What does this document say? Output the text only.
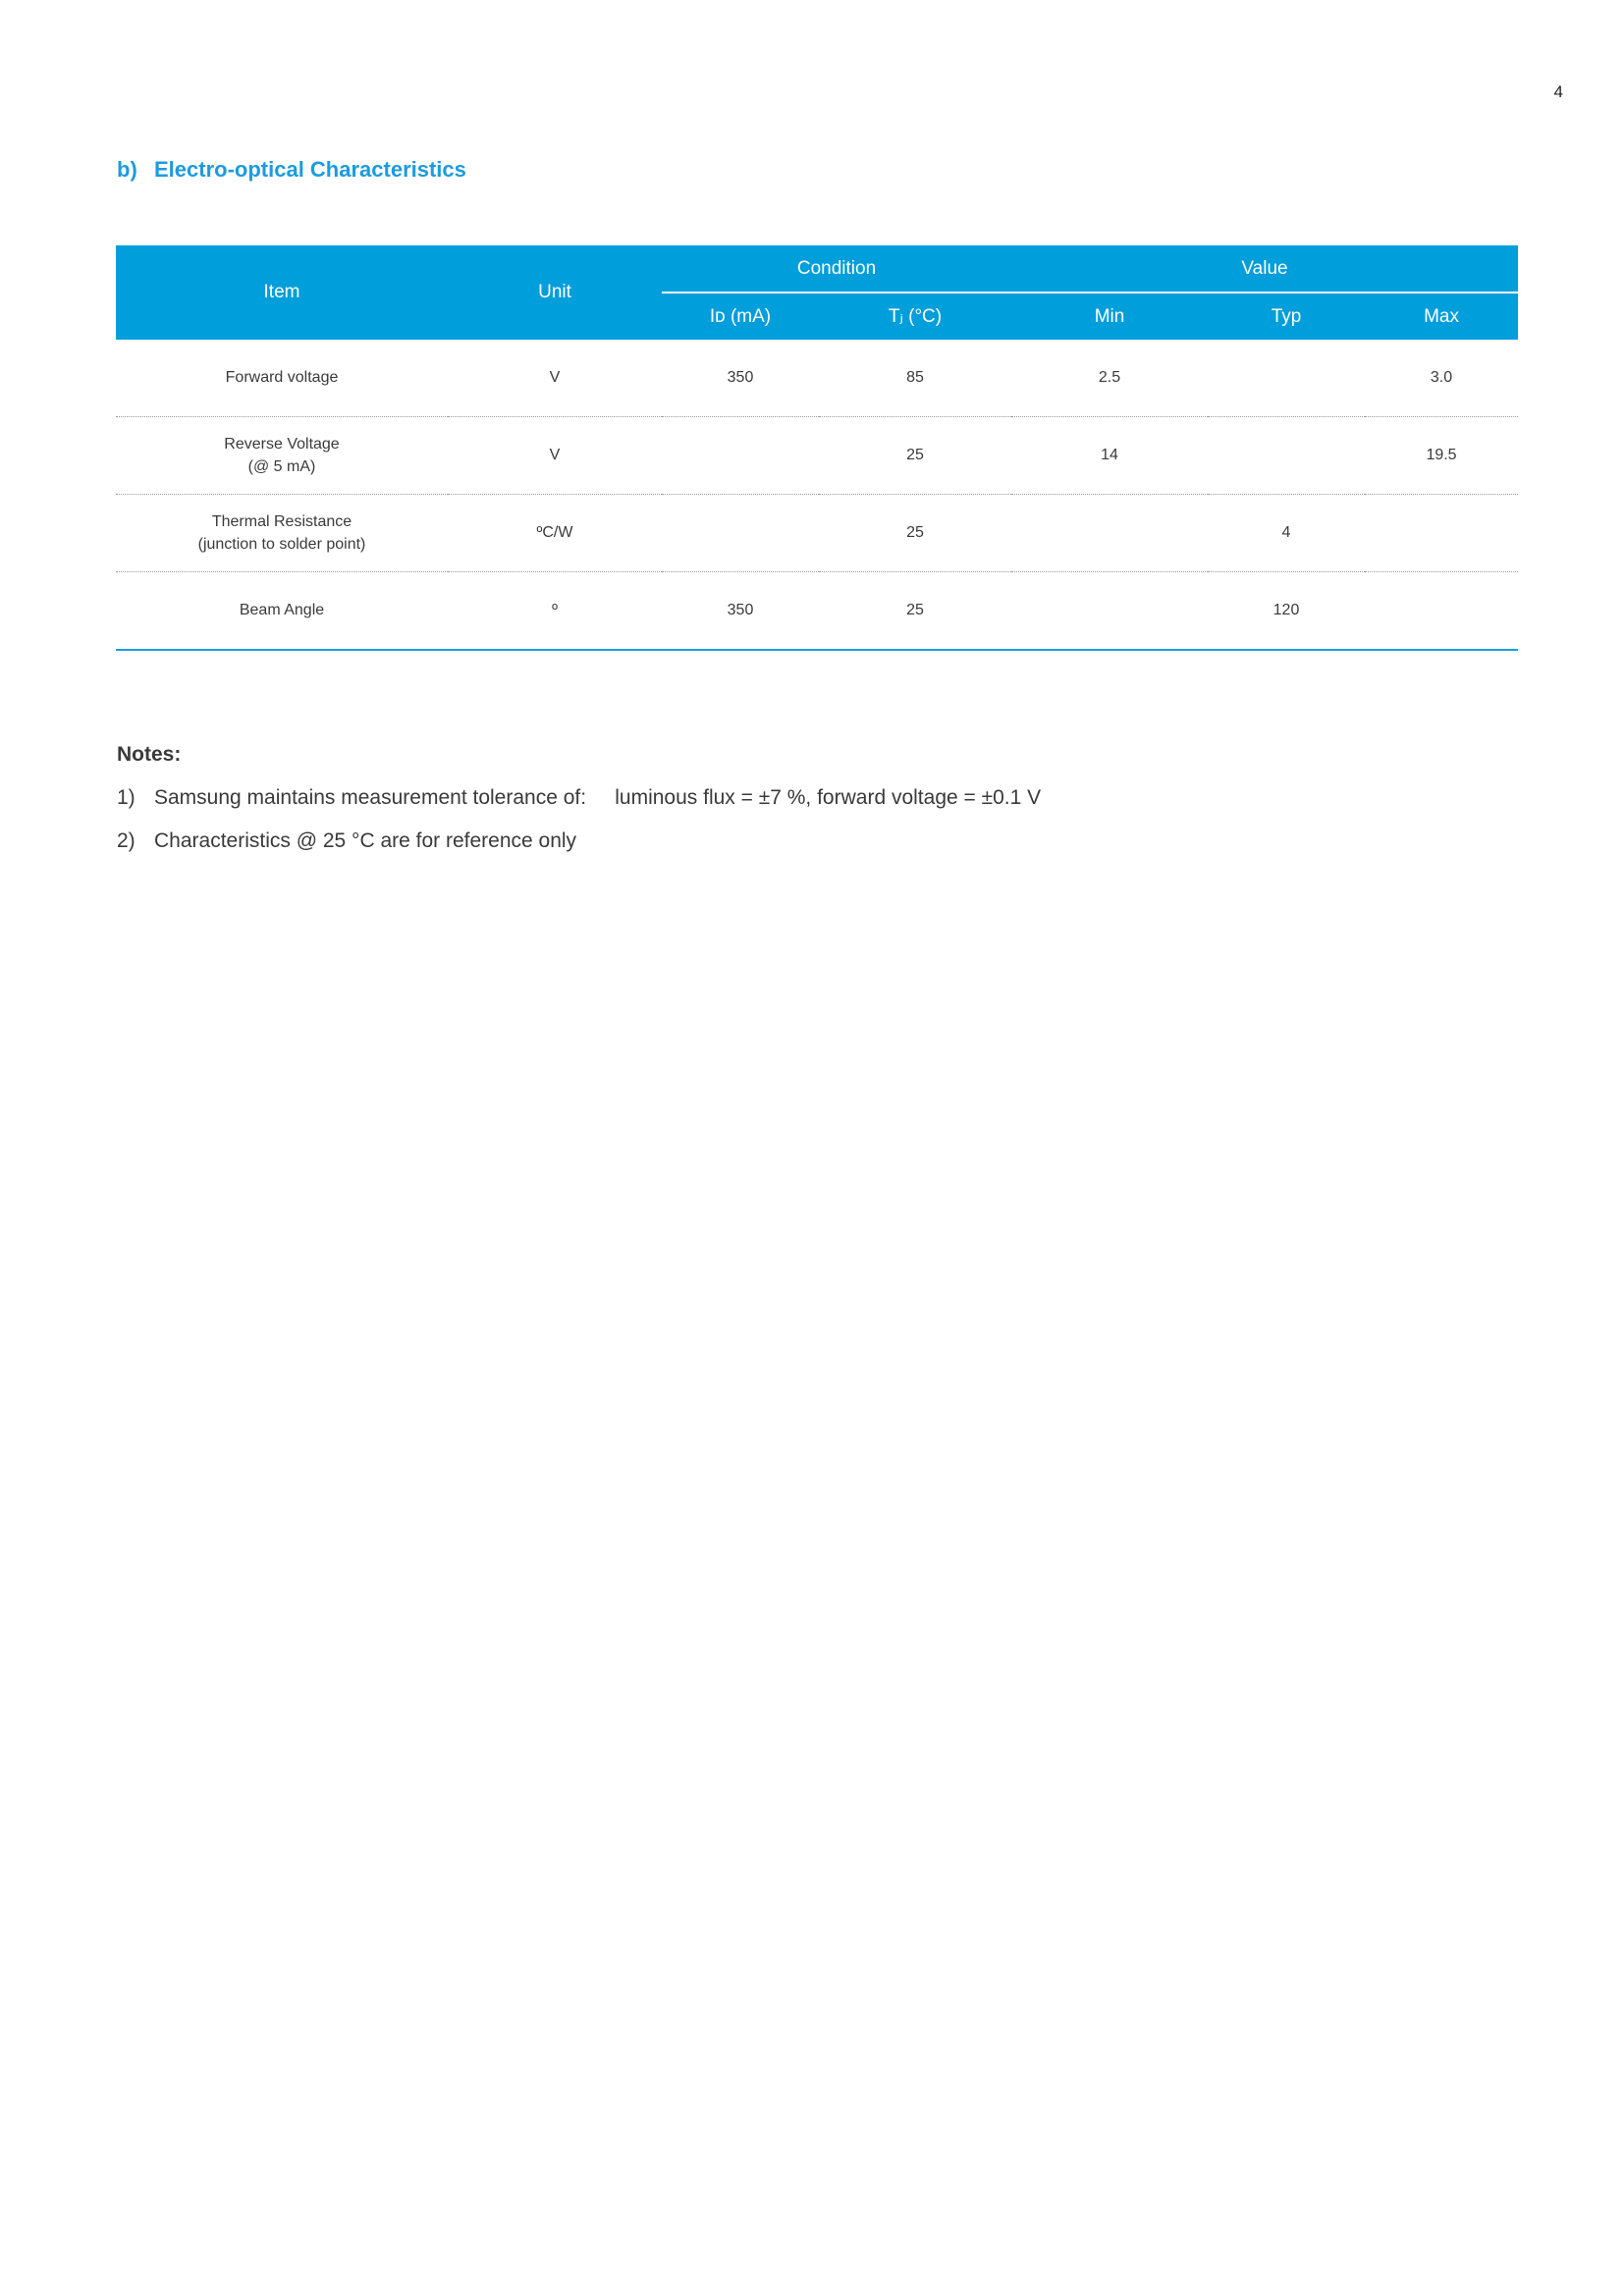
4
b) Electro-optical Characteristics
Item	Unit	Condition		Value		
		Iᴅ (mA)	Tⱼ (°C)	Min	Typ	Max
Forward voltage	V	350	85	2.5		3.0
Reverse Voltage
(@ 5 mA)	V		25	14		19.5
Thermal Resistance
(junction to solder point)	ºC/W		25		4	
Beam Angle	º	350	25		120	
Notes:
1) Samsung maintains measurement tolerance of:     luminous flux = ±7 %, forward voltage = ±0.1 V
2) Characteristics @ 25 °C are for reference only
